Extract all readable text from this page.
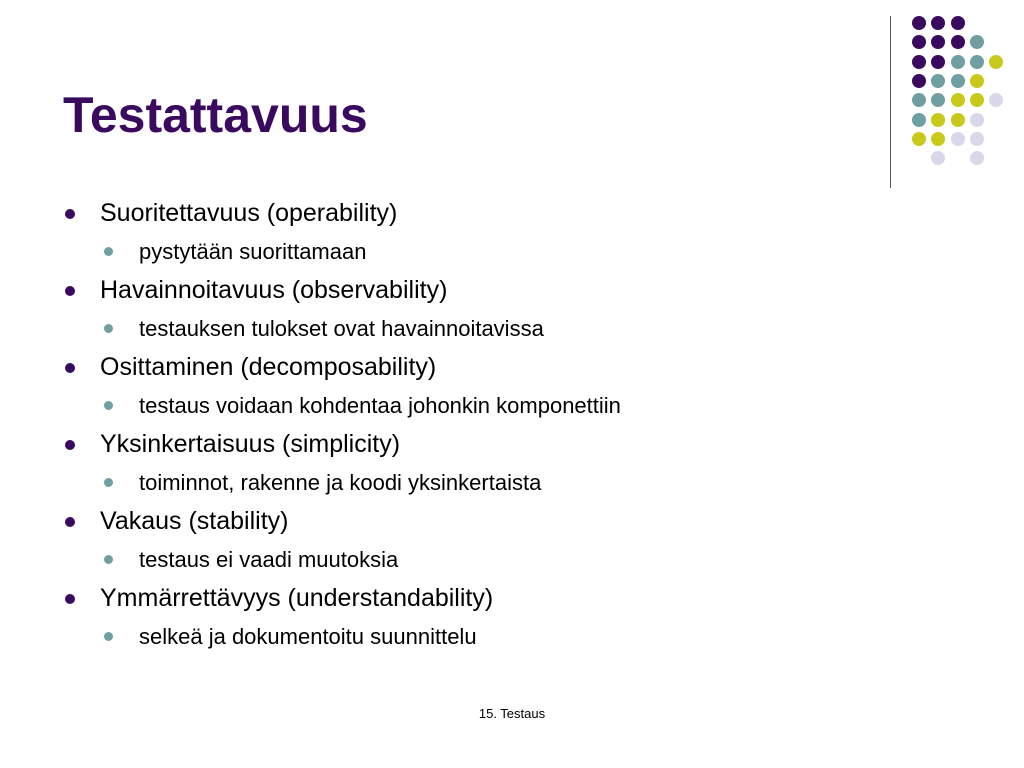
Testattavuus
Suoritettavuus (operability)
pystytään suorittamaan
Havainnoitavuus (observability)
testauksen tulokset ovat havainnoitavissa
Osittaminen (decomposability)
testaus voidaan kohdentaa johonkin komponettiin
Yksinkertaisuus (simplicity)
toiminnot, rakenne ja koodi yksinkertaista
Vakaus (stability)
testaus ei vaadi muutoksia
Ymmärrettävyys (understandability)
selkeä ja dokumentoitu suunnittelu
15. Testaus
